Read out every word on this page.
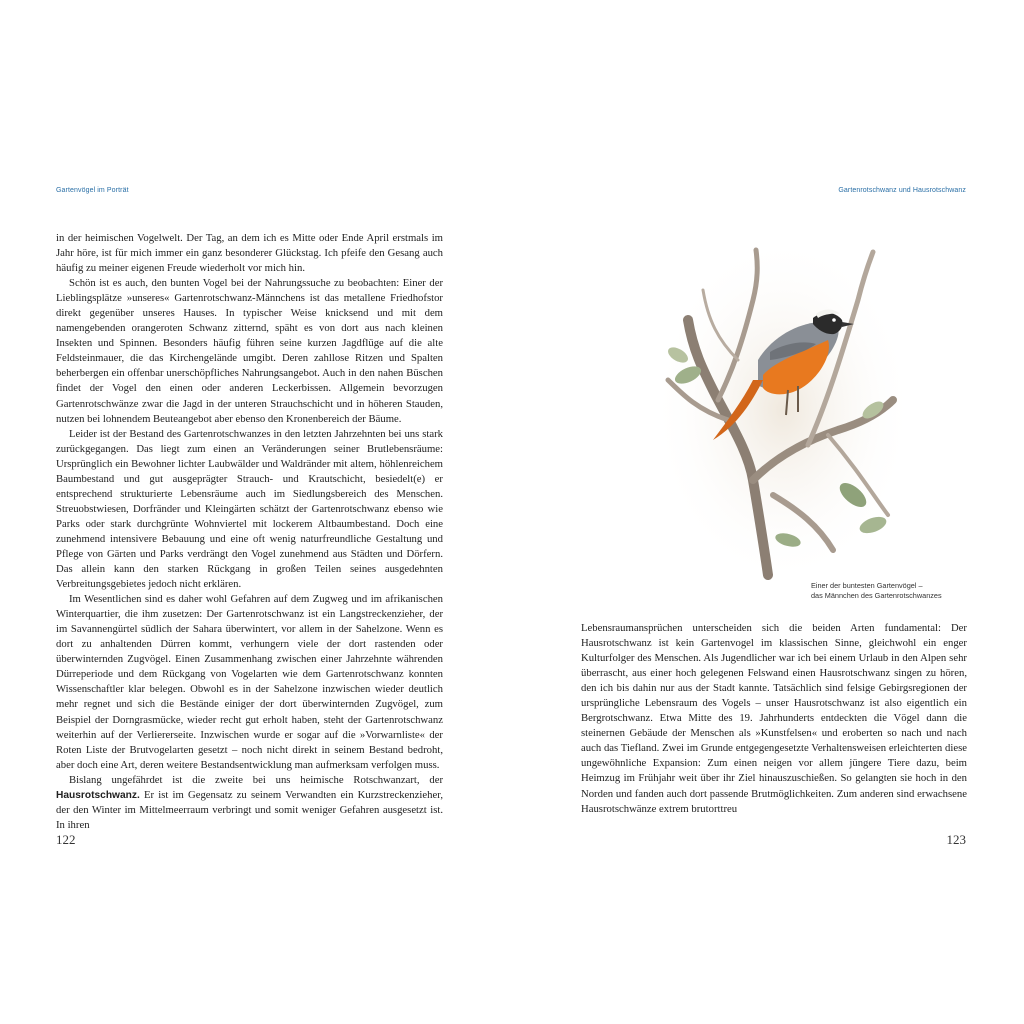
Gartenvögel im Porträt

in der heimischen Vogelwelt. Der Tag, an dem ich es Mitte oder Ende April erstmals im Jahr höre, ist für mich immer ein ganz besonderer Glückstag. Ich pfeife den Gesang auch häufig zu meiner eigenen Freude wiederholt vor mich hin.

Schön ist es auch, den bunten Vogel bei der Nahrungssuche zu beobachten: Einer der Lieblingsplätze »unseres« Gartenrotschwanz-Männchens ist das metallene Friedhofstor direkt gegenüber unseres Hauses. In typischer Weise knicksend und mit dem namengebenden orangeroten Schwanz zitternd, späht es von dort aus nach kleinen Insekten und Spinnen. Besonders häufig führen seine kurzen Jagdflüge auf die alte Feldsteinmauer, die das Kirchengelände umgibt. Deren zahllose Ritzen und Spalten beherbergen ein offenbar unerschöpfliches Nahrungsangebot. Auch in den nahen Büschen findet der Vogel den einen oder anderen Leckerbissen. Allgemein bevorzugen Gartenrotschwänze zwar die Jagd in der unteren Strauchschicht und in höheren Stauden, nutzen bei lohnendem Beuteangebot aber ebenso den Kronenbereich der Bäume.

Leider ist der Bestand des Gartenrotschwanzes in den letzten Jahrzehnten bei uns stark zurückgegangen. Das liegt zum einen an Veränderungen seiner Brutlebensräume: Ursprünglich ein Bewohner lichter Laubwälder und Waldränder mit altem, höhlenreichem Baumbestand und gut ausgeprägter Strauch- und Krautschicht, besiedelt(e) er entsprechend strukturierte Lebensräume auch im Siedlungsbereich des Menschen. Streuobstwiesen, Dorfränder und Kleingärten schätzt der Gartenrotschwanz ebenso wie Parks oder stark durchgrünte Wohnviertel mit lockerem Altbaumbestand. Doch eine zunehmend intensivere Bebauung und eine oft wenig naturfreundliche Gestaltung und Pflege von Gärten und Parks verdrängt den Vogel zunehmend aus Städten und Dörfern. Das allein kann den starken Rückgang in großen Teilen seines ausgedehnten Verbreitungsgebietes jedoch nicht erklären.

Im Wesentlichen sind es daher wohl Gefahren auf dem Zugweg und im afrikanischen Winterquartier, die ihm zusetzen: Der Gartenrotschwanz ist ein Langstreckenzieher, der im Savannengürtel südlich der Sahara überwintert, vor allem in der Sahelzone. Wenn es dort zu anhaltenden Dürren kommt, verhungern viele der dort rastenden oder überwinternden Zugvögel. Einen Zusammenhang zwischen einer Jahrzehnte währenden Dürreperiode und dem Rückgang von Vogelarten wie dem Gartenrotschwanz konnten Wissenschaftler klar belegen. Obwohl es in der Sahelzone inzwischen wieder deutlich mehr regnet und sich die Bestände einiger der dort überwinternden Zugvögel, zum Beispiel der Dorngrasmücke, wieder recht gut erholt haben, steht der Gartenrotschwanz weiterhin auf der Verliererseite. Inzwischen wurde er sogar auf die »Vorwarnliste« der Roten Liste der Brutvogelarten gesetzt – noch nicht direkt in seinem Bestand bedroht, aber doch eine Art, deren weitere Bestandsentwicklung man aufmerksam verfolgen muss.

Bislang ungefährdet ist die zweite bei uns heimische Rotschwanzart, der Hausrotschwanz. Er ist im Gegensatz zu seinem Verwandten ein Kurzstreckenzieher, der den Winter im Mittelmeerraum verbringt und somit weniger Gefahren ausgesetzt ist. In ihren

122
Gartenrotschwanz und Hausrotschwanz
Einer der buntesten Gartenvögel –
das Männchen des Gartenrotschwanzes

Lebensraumansprüchen unterscheiden sich die beiden Arten fundamental: Der Hausrotschwanz ist kein Gartenvogel im klassischen Sinne, gleichwohl ein enger Kulturfolger des Menschen. Als Jugendlicher war ich bei einem Urlaub in den Alpen sehr überrascht, aus einer hoch gelegenen Felswand einen Hausrotschwanz singen zu hören, den ich bis dahin nur aus der Stadt kannte. Tatsächlich sind felsige Gebirgsregionen der ursprüngliche Lebensraum des Vogels – unser Hausrotschwanz ist also eigentlich ein Bergrotschwanz. Etwa Mitte des 19. Jahrhunderts entdeckten die Vögel dann die steinernen Gebäude der Menschen als »Kunstfelsen« und eroberten so nach und nach auch das Tiefland. Zwei im Grunde entgegengesetzte Verhaltensweisen erleichterten diese ungewöhnliche Expansion: Zum einen neigen vor allem jüngere Tiere dazu, beim Heimzug im Frühjahr weit über ihr Ziel hinauszuschießen. So gelangten sie hoch in den Norden und fanden auch dort passende Brutmöglichkeiten. Zum anderen sind erwachsene Hausrotschwänze extrem brutorttreu

123
